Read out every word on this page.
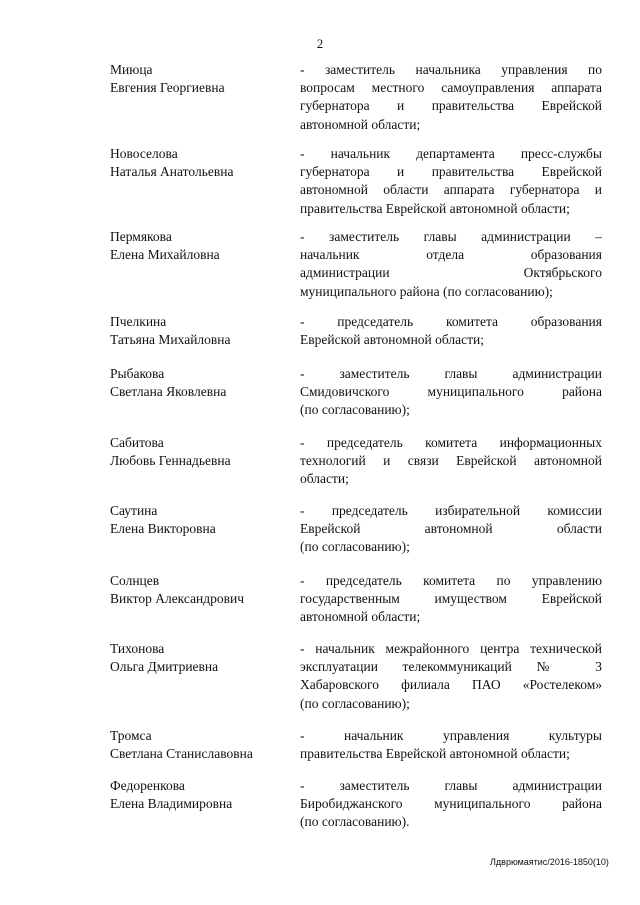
2
Миюца
Евгения Георгиевна
- заместитель начальника управления по
вопросам местного самоуправления аппарата
губернатора и правительства Еврейской
автономной области;
Новоселова
Наталья Анатольевна
- начальник департамента пресс-службы
губернатора и правительства Еврейской
автономной области аппарата губернатора и
правительства Еврейской автономной области;
Пермякова
Елена Михайловна
- заместитель главы администрации –
начальник отдела образования
администрации Октябрьского
муниципального района (по согласованию);
Пчелкина
Татьяна Михайловна
- председатель комитета образования
Еврейской автономной области;
Рыбакова
Светлана Яковлевна
- заместитель главы администрации
Смидовичского муниципального района
(по согласованию);
Сабитова
Любовь Геннадьевна
- председатель комитета информационных
технологий и связи Еврейской автономной
области;
Саутина
Елена Викторовна
- председатель избирательной комиссии
Еврейской автономной области
(по согласованию);
Солнцев
Виктор Александрович
- председатель комитета по управлению
государственным имуществом Еврейской
автономной области;
Тихонова
Ольга Дмитриевна
- начальник межрайонного центра технической
эксплуатации телекоммуникаций № 3
Хабаровского филиала ПАО «Ростелеком»
(по согласованию);
Тромса
Светлана Станиславовна
- начальник управления культуры
правительства Еврейской автономной области;
Федоренкова
Елена Владимировна
- заместитель главы администрации
Биробиджанского муниципального района
(по согласованию).
Лдврюмаятис/2016-1850(10)
